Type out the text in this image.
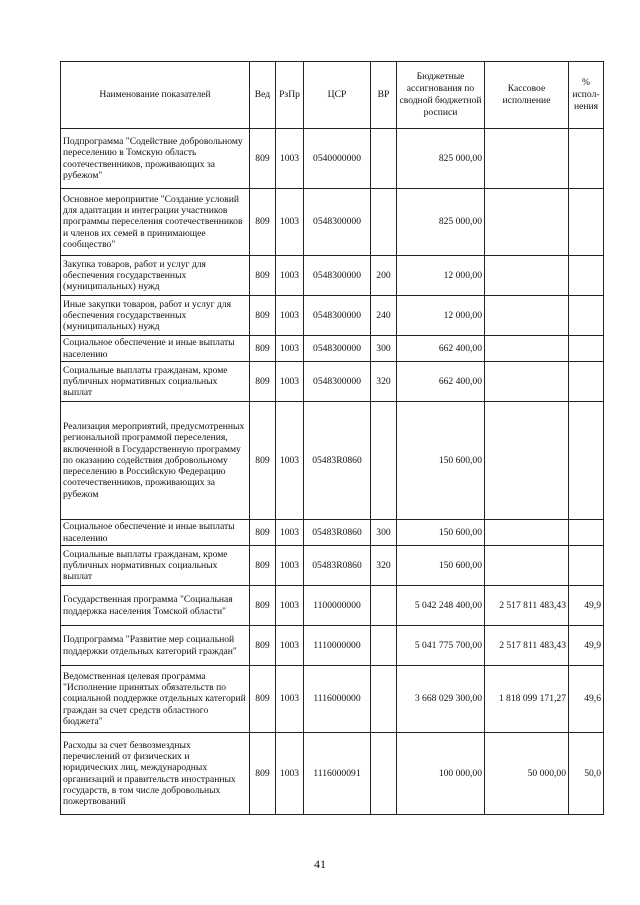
Наименование показателей	Вед	РзПр	ЦСР	ВР	Бюджетные ассигнования по сводной бюджетной росписи	Кассовое исполнение	% испол-нения
Подпрограмма "Содействие добровольному переселению в Томскую область соотечественников, проживающих за рубежом"	809	1003	0540000000		825 000,00		
Основное мероприятие "Создание условий для адаптации и интеграции участников программы переселения соотечественников и членов их семей в принимающее сообщество"	809	1003	0548300000		825 000,00		
Закупка товаров, работ и услуг для обеспечения государственных (муниципальных) нужд	809	1003	0548300000	200	12 000,00		
Иные закупки товаров, работ и услуг для обеспечения государственных (муниципальных) нужд	809	1003	0548300000	240	12 000,00		
Социальное обеспечение и иные выплаты населению	809	1003	0548300000	300	662 400,00		
Социальные выплаты гражданам, кроме публичных нормативных социальных выплат	809	1003	0548300000	320	662 400,00		
Реализация мероприятий, предусмотренных региональной программой переселения, включенной в Государственную программу по оказанию содействия добровольному переселению в Российскую Федерацию соотечественников, проживающих за рубежом	809	1003	05483R0860		150 600,00		
Социальное обеспечение и иные выплаты населению	809	1003	05483R0860	300	150 600,00		
Социальные выплаты гражданам, кроме публичных нормативных социальных выплат	809	1003	05483R0860	320	150 600,00		
Государственная программа "Социальная поддержка населения Томской области"	809	1003	1100000000		5 042 248 400,00	2 517 811 483,43	49,9
Подпрограмма "Развитие мер социальной поддержки отдельных категорий граждан"	809	1003	1110000000		5 041 775 700,00	2 517 811 483,43	49,9
Ведомственная целевая программа "Исполнение принятых обязательств по социальной поддержке отдельных категорий граждан за счет средств областного бюджета"	809	1003	1116000000		3 668 029 300,00	1 818 099 171,27	49,6
Расходы за счет безвозмездных перечислений от физических и юридических лиц, международных организаций и правительств иностранных государств, в том числе добровольных пожертвований	809	1003	1116000091		100 000,00	50 000,00	50,0
41
